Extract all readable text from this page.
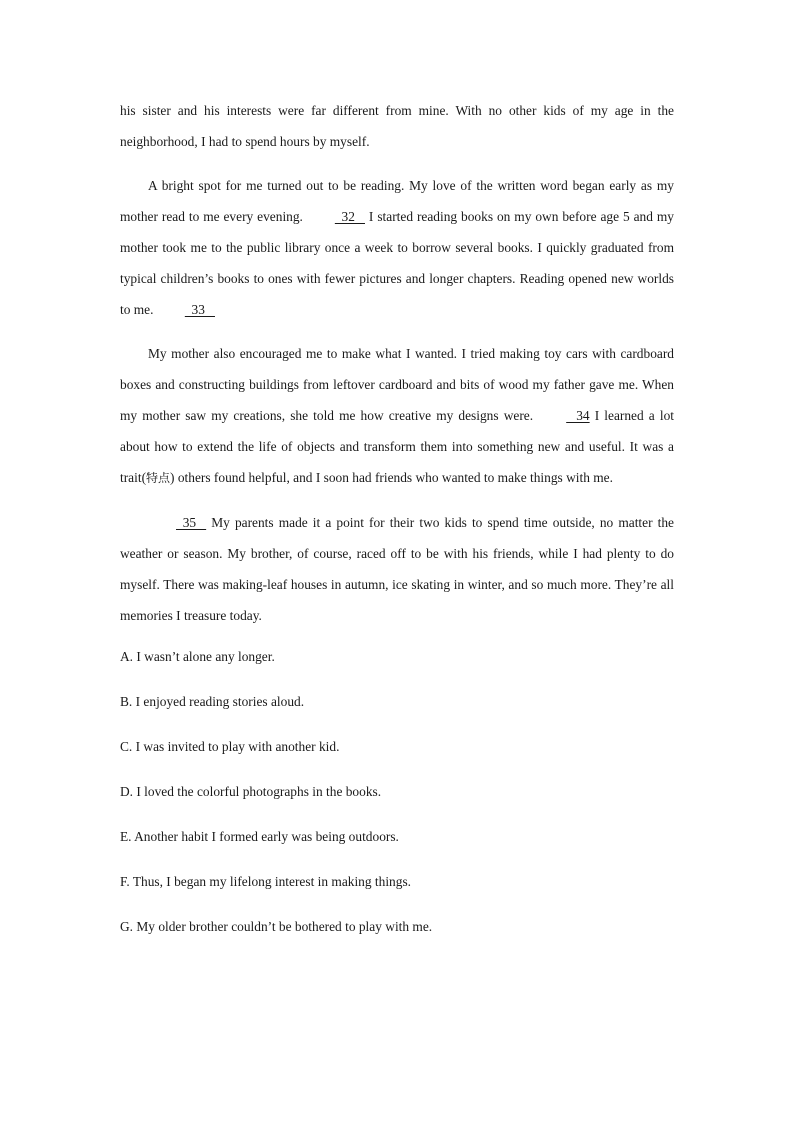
his sister and his interests were far different from mine. With no other kids of my age in the neighborhood, I had to spend hours by myself.

A bright spot for me turned out to be reading. My love of the written word began early as my mother read to me every evening.   32    I started reading books on my own before age 5 and my mother took me to the public library once a week to borrow several books. I quickly graduated from typical children’s books to ones with fewer pictures and longer chapters. Reading opened new worlds to me.   33

My mother also encouraged me to make what I wanted. I tried making toy cars with cardboard boxes and constructing buildings from leftover cardboard and bits of wood my father gave me. When my mother saw my creations, she told me how creative my designs were.    34 I learned a lot about how to extend the life of objects and transform them into something new and useful. It was a trait(特点) others found helpful, and I soon had friends who wanted to make things with me.

35    My parents made it a point for their two kids to spend time outside, no matter the weather or season. My brother, of course, raced off to be with his friends, while I had plenty to do myself. There was making-leaf houses in autumn, ice skating in winter, and so much more. They’re all memories I treasure today.

A. I wasn’t alone any longer.

B. I enjoyed reading stories aloud.

C. I was invited to play with another kid.

D. I loved the colorful photographs in the books.

E. Another habit I formed early was being outdoors.

F. Thus, I began my lifelong interest in making things.

G. My older brother couldn’t be bothered to play with me.
